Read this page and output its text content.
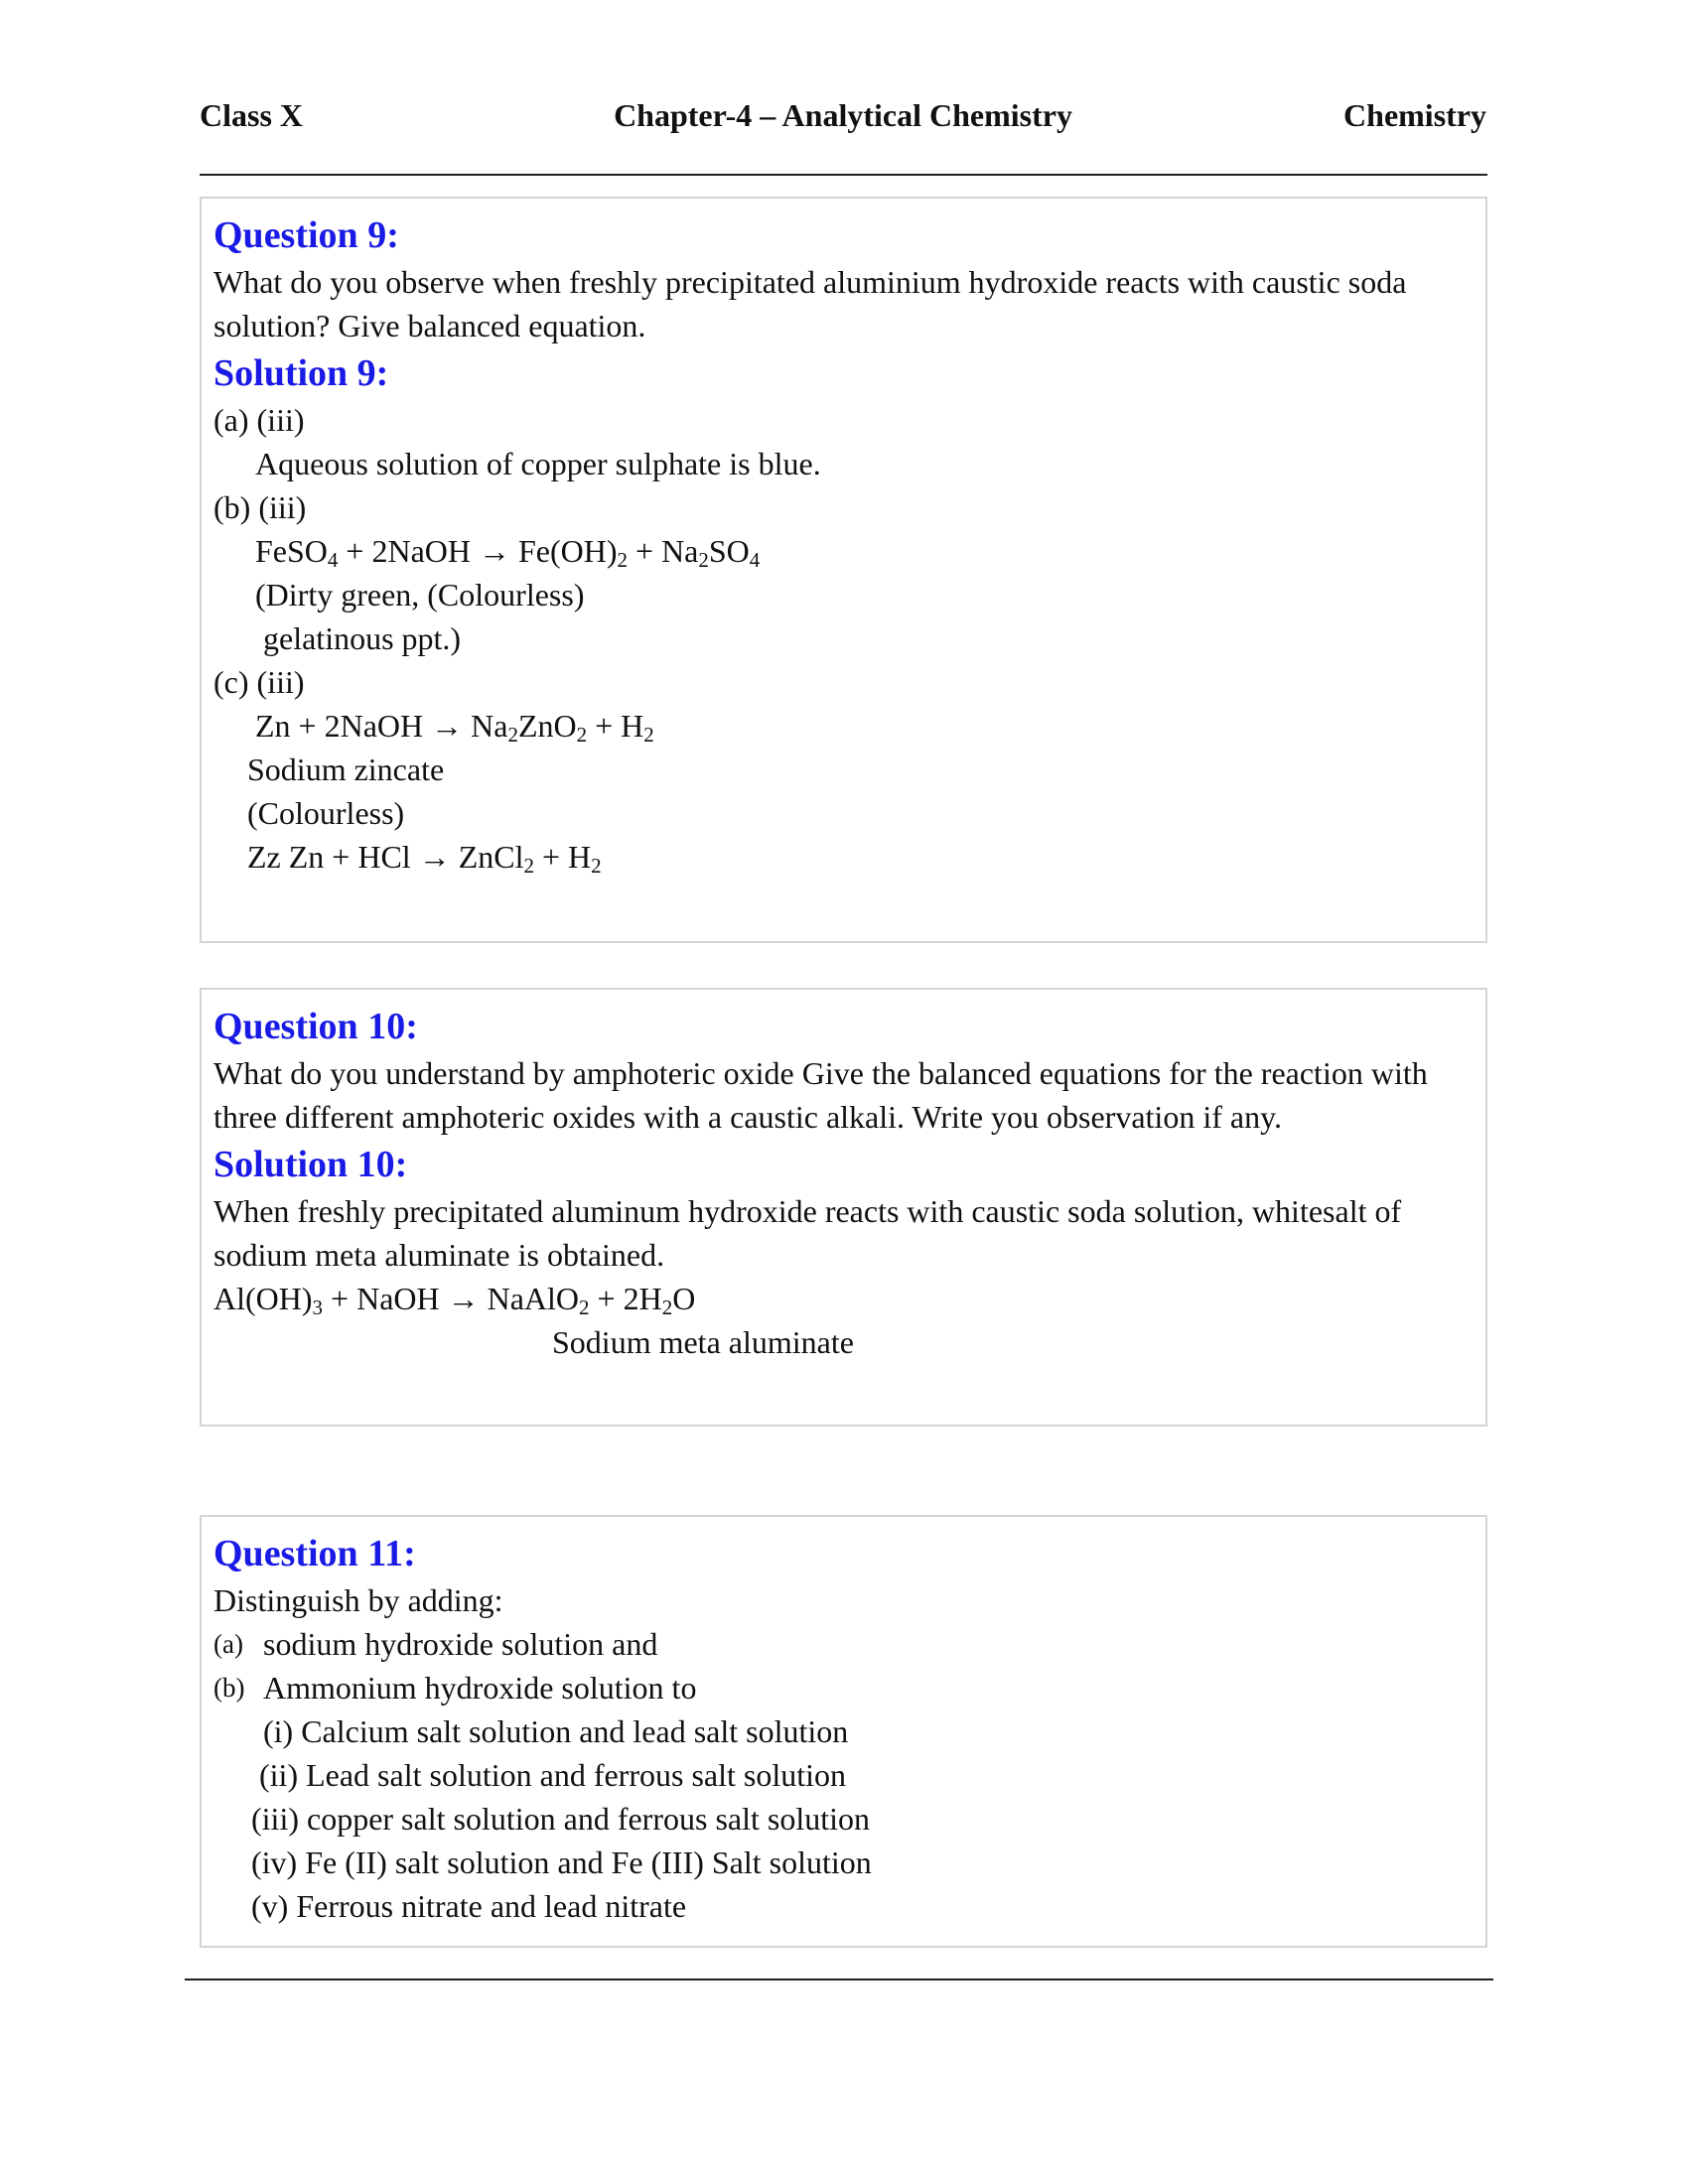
Class X	Chapter-4 – Analytical Chemistry	Chemistry
Question 9:
What do you observe when freshly precipitated aluminium hydroxide reacts with caustic soda
solution? Give balanced equation.
Solution 9:
(a) (iii)
Aqueous solution of copper sulphate is blue.
(b) (iii)
FeSO$_4$ + 2NaOH → $Fe(OH)_2 + Na_2SO_4$
(Dirty green, (Colourless)
gelatinous ppt.)
(c) (iii)
Zn + 2NaOH → $Na_2ZnO_2 + H_2$
Sodium zincate
(Colourless)
Zz Zn + HCl → ZnCl$_2$ + $H_2$
Question 10:
What do you understand by amphoteric oxide Give the balanced equations for the reaction with
three different amphoteric oxides with a caustic alkali. Write you observation if any.
Solution 10:
When freshly precipitated aluminum hydroxide reacts with caustic soda solution, whitesalt of
sodium meta aluminate is obtained.
$Al(OH)_3$ + NaOH → NaAlO$_2$ + $2H_2O$
Sodium meta aluminate
Question 11:
Distinguish by adding:
(a) sodium hydroxide solution and
(b) Ammonium hydroxide solution to
(i) Calcium salt solution and lead salt solution
(ii) Lead salt solution and ferrous salt solution
(iii) copper salt solution and ferrous salt solution
(iv) Fe (II) salt solution and Fe (III) Salt solution
(v) Ferrous nitrate and lead nitrate
